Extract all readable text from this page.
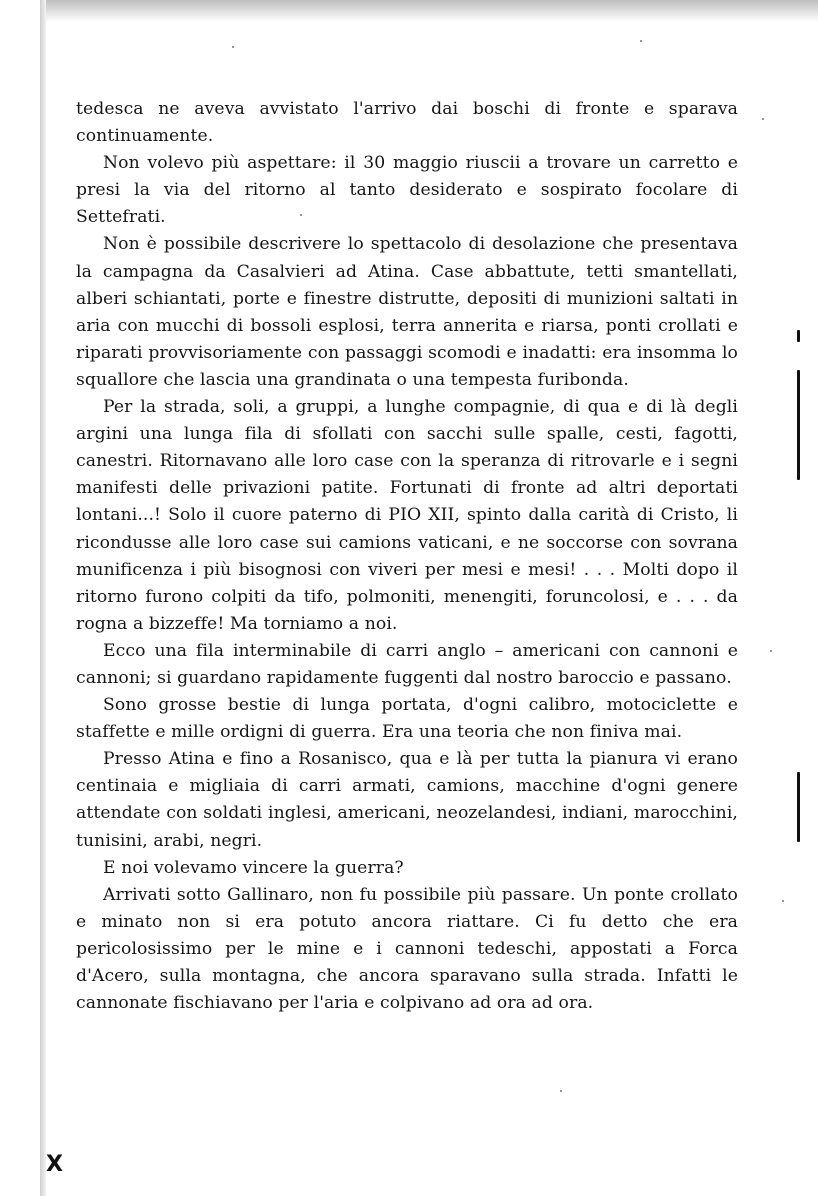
tedesca ne aveva avvistato l'arrivo dai boschi di fronte e sparava continuamente.

Non volevo più aspettare: il 30 maggio riuscii a trovare un carretto e presi la via del ritorno al tanto desiderato e sospirato focolare di Settefrati.

Non è possibile descrivere lo spettacolo di desolazione che presentava la campagna da Casalvieri ad Atina. Case abbattute, tetti smantellati, alberi schiantati, porte e finestre distrutte, depositi di munizioni saltati in aria con mucchi di bossoli esplosi, terra annerita e riarsa, ponti crollati e riparati provvisoriamente con passaggi scomodi e inadatti: era insomma lo squallore che lascia una grandinata o una tempesta furibonda.

Per la strada, soli, a gruppi, a lunghe compagnie, di qua e di là degli argini una lunga fila di sfollati con sacchi sulle spalle, cesti, fagotti, canestri. Ritornavano alle loro case con la speranza di ritrovarle e i segni manifesti delle privazioni patite. Fortunati di fronte ad altri deportati lontani...! Solo il cuore paterno di PIO XII, spinto dalla carità di Cristo, li ricondusse alle loro case sui camions vaticani, e ne soccorse con sovrana munificenza i più bisognosi con viveri per mesi e mesi! . . . Molti dopo il ritorno furono colpiti da tifo, polmoniti, menengiti, foruncolosi, e . . . da rogna a bizzeffe! Ma torniamo a noi.

Ecco una fila interminabile di carri anglo – americani con cannoni e cannoni; si guardano rapidamente fuggenti dal nostro baroccio e passano.

Sono grosse bestie di lunga portata, d'ogni calibro, motociclette e staffette e mille ordigni di guerra. Era una teoria che non finiva mai.

Presso Atina e fino a Rosanisco, qua e là per tutta la pianura vi erano centinaia e migliaia di carri armati, camions, macchine d'ogni genere attendate con soldati inglesi, americani, neozelandesi, indiani, marocchini, tunisini, arabi, negri.

E noi volevamo vincere la guerra?

Arrivati sotto Gallinaro, non fu possibile più passare. Un ponte crollato e minato non si era potuto ancora riattare. Ci fu detto che era pericolosissimo per le mine e i cannoni tedeschi, appostati a Forca d'Acero, sulla montagna, che ancora sparavano sulla strada. Infatti le cannonate fischiavano per l'aria e colpivano ad ora ad ora.

X
